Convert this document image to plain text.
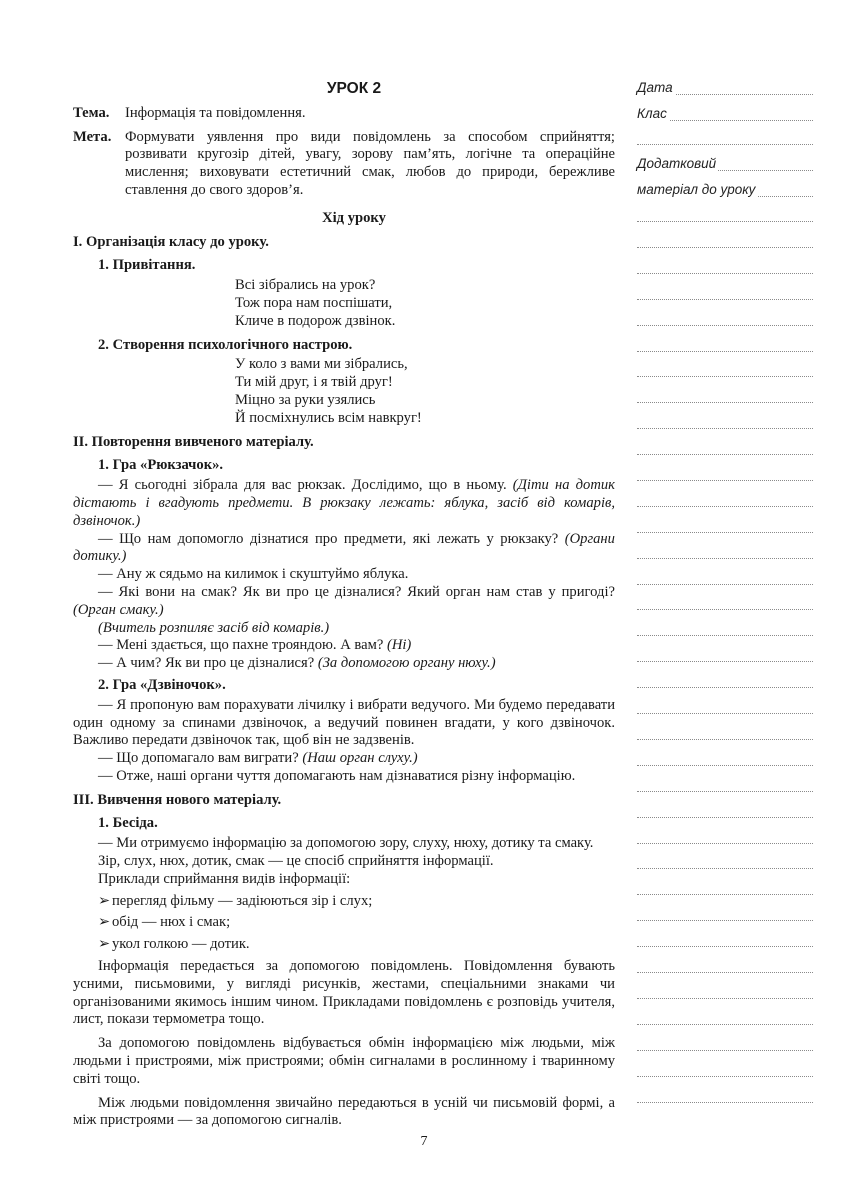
УРОК 2
Тема.	Інформація та повідомлення.
Мета. Формувати уявлення про види повідомлень за способом сприйняття; розвивати кругозір дітей, увагу, зорову пам’ять, логічне та операційне мислення; виховувати естетичний смак, любов до природи, бережливе ставлення до свого здоров’я.
Хід уроку
I. Організація класу до уроку.
1. Привітання.
Всі зібрались на урок?
Тож пора нам поспішати,
Кличе в подорож дзвінок.
2. Створення психологічного настрою.
У коло з вами ми зібрались,
Ти мій друг, і я твій друг!
Міцно за руки узялись
Й посміхнулись всім навкруг!
II. Повторення вивченого матеріалу.
1. Гра «Рюкзачок».

— Я сьогодні зібрала для вас рюкзак. Дослідимо, що в ньому. (Діти на дотик дістають і вгадують предмети. В рюкзаку лежать: яблука, засіб від комарів, дзвіночок.)

— Що нам допомогло дізнатися про предмети, які лежать у рюкзаку? (Органи дотику.)

— Ану ж сядьмо на килимок і скуштуймо яблука.

— Які вони на смак? Як ви про це дізналися? Який орган нам став у пригоді? (Орган смаку.)

(Вчитель розпиляє засіб від комарів.)

— Мені здається, що пахне трояндою. А вам? (Ні)

— А чим? Як ви про це дізналися? (За допомогою органу нюху.)

2. Гра «Дзвіночок».

— Я пропоную вам порахувати лічилку і вибрати ведучого. Ми будемо передавати один одному за спинами дзвіночок, а ведучий повинен вгадати, у кого дзвіночок. Важливо передати дзвіночок так, щоб він не задзвенів.

— Що допомагало вам виграти? (Наш орган слуху.)

— Отже, наші органи чуття допомагають нам дізнаватися різну інформацію.

III. Вивчення нового матеріалу.
1. Бесіда.

— Ми отримуємо інформацію за допомогою зору, слуху, нюху, дотику та смаку.

Зір, слух, нюх, дотик, смак — це спосіб сприйняття інформації.

Приклади сприймання видів інформації:

➢ перегляд фільму — задіюються зір і слух;
➢ обід — нюх і смак;
➢ укол голкою — дотик.

Інформація передається за допомогою повідомлень. Повідомлення бувають усними, письмовими, у вигляді рисунків, жестами, спеціальними знаками чи організованими якимось іншим чином. Прикладами повідомлень є розповідь учителя, лист, покази термометра тощо.

За допомогою повідомлень відбувається обмін інформацією між людьми, між людьми і пристроями, між пристроями; обмін сигналами в рослинному і тваринному світі тощо.

Між людьми повідомлення звичайно передаються в усній чи письмовій формі, а між пристроями — за допомогою сигналів.

Дата
Клас
Додатковий
матеріал до уроку
7
